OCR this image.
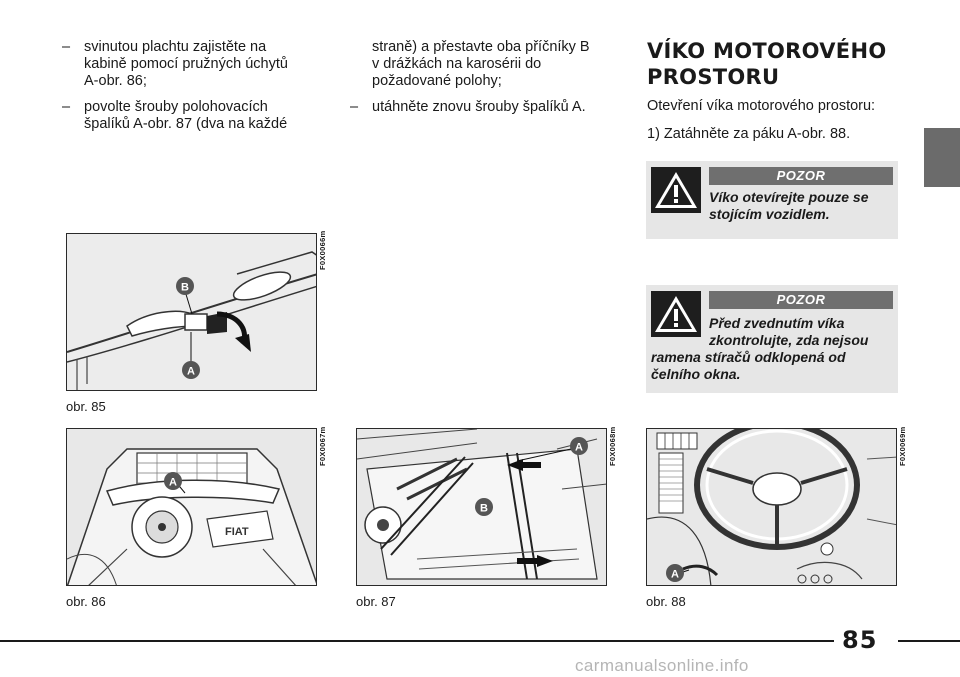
– svinutou plachtu zajistěte na
kabině pomocí pružných úchytů
A-obr. 86;
– povolte šrouby polohovacích
špalíků A-obr. 87 (dva na každé
straně) a přestavte oba příčníky B
v drážkách na karosérii do
požadované polohy;
– utáhněte znovu šrouby špalíků A.
VÍKO MOTOROVÉHO
PROSTORU
Otevření víka motorového prostoru:
1) Zatáhněte za páku A-obr. 88.
POZOR
Víko otevírejte pouze se
stojícím vozidlem.
POZOR
Před zvednutím víka
zkontrolujte, zda nejsou
ramena stíračů odklopená od
čelního okna.
B
A
F0X0066m
obr. 85
FIAT
A
F0X0067m
obr. 86
A
B
F0X0068m
obr. 87
A
F0X0069m
obr. 88
85
carmanualsonline.info
